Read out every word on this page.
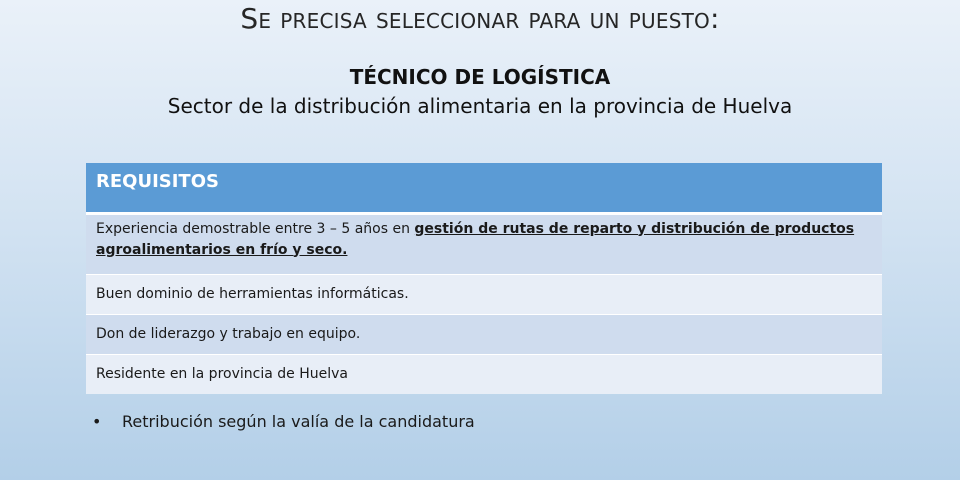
Se precisa seleccionar para un puesto:
TÉCNICO DE LOGÍSTICA
Sector de la distribución alimentaria en la provincia de Huelva
REQUISITOS
Experiencia demostrable entre 3 – 5 años en gestión de rutas de reparto y distribución de productos agroalimentarios en frío y seco.
Buen dominio de herramientas informáticas.
Don de liderazgo y trabajo en equipo.
Residente en la provincia de Huelva
• Retribución según la valía de la candidatura
